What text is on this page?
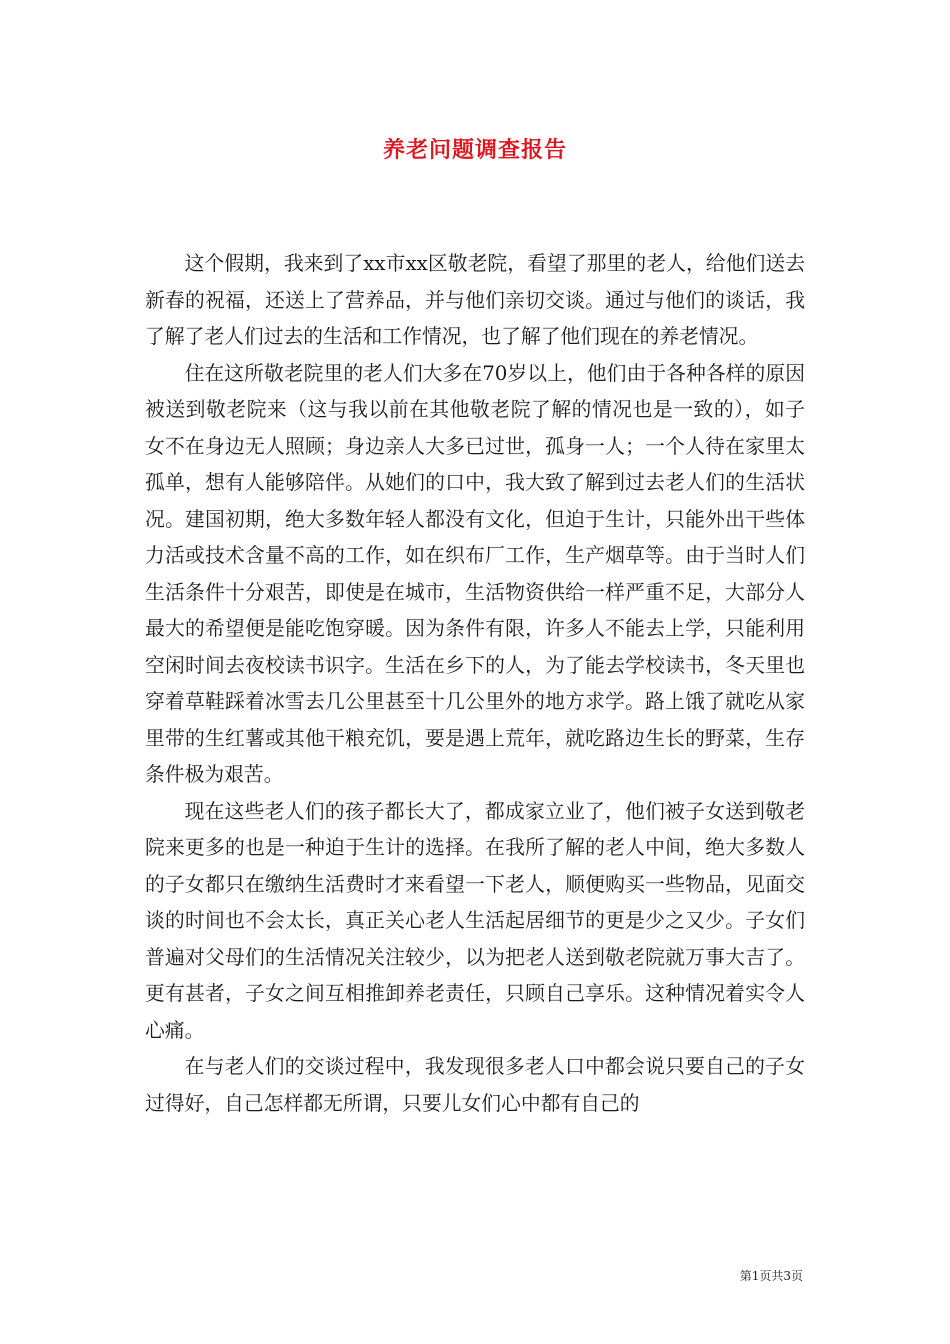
养老问题调查报告

这个假期，我来到了xx市xx区敬老院，看望了那里的老人，给他们送去新春的祝福，还送上了营养品，并与他们亲切交谈。通过与他们的谈话，我了解了老人们过去的生活和工作情况，也了解了他们现在的养老情况。

住在这所敬老院里的老人们大多在70岁以上，他们由于各种各样的原因被送到敬老院来（这与我以前在其他敬老院了解的情况也是一致的），如子女不在身边无人照顾；身边亲人大多已过世，孤身一人；一个人待在家里太孤单，想有人能够陪伴。从她们的口中，我大致了解到过去老人们的生活状况。建国初期，绝大多数年轻人都没有文化，但迫于生计，只能外出干些体力活或技术含量不高的工作，如在织布厂工作，生产烟草等。由于当时人们生活条件十分艰苦，即使是在城市，生活物资供给一样严重不足，大部分人最大的希望便是能吃饱穿暖。因为条件有限，许多人不能去上学，只能利用空闲时间去夜校读书识字。生活在乡下的人，为了能去学校读书，冬天里也穿着草鞋踩着冰雪去几公里甚至十几公里外的地方求学。路上饿了就吃从家里带的生红薯或其他干粮充饥，要是遇上荒年，就吃路边生长的野菜，生存条件极为艰苦。

现在这些老人们的孩子都长大了，都成家立业了，他们被子女送到敬老院来更多的也是一种迫于生计的选择。在我所了解的老人中间，绝大多数人的子女都只在缴纳生活费时才来看望一下老人，顺便购买一些物品，见面交谈的时间也不会太长，真正关心老人生活起居细节的更是少之又少。子女们普遍对父母们的生活情况关注较少，以为把老人送到敬老院就万事大吉了。更有甚者，子女之间互相推卸养老责任，只顾自己享乐。这种情况着实令人心痛。

在与老人们的交谈过程中，我发现很多老人口中都会说只要自己的子女过得好，自己怎样都无所谓，只要儿女们心中都有自己的

第1页共3页
